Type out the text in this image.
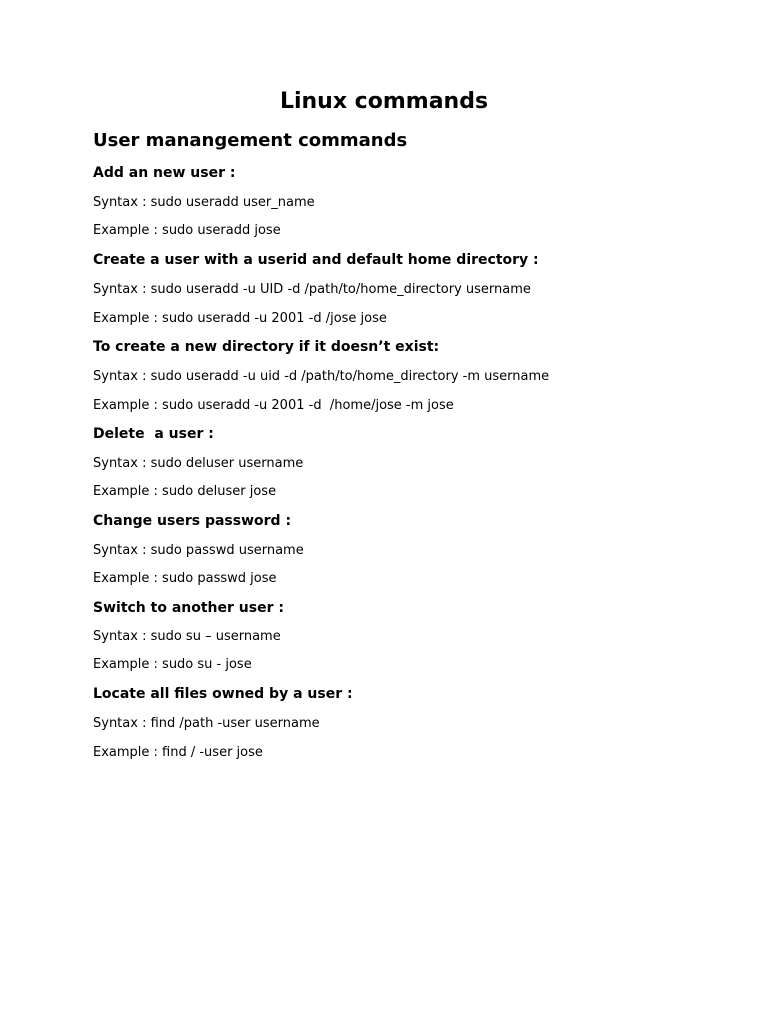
Linux commands
User manangement commands
Add an new user :
Syntax : sudo useradd user_name
Example : sudo useradd jose
Create a user with a userid and default home directory :
Syntax : sudo useradd -u UID -d /path/to/home_directory username
Example : sudo useradd -u 2001 -d /jose jose
To create a new directory if it doesn’t exist:
Syntax : sudo useradd -u uid -d /path/to/home_directory -m username
Example : sudo useradd -u 2001 -d  /home/jose -m jose
Delete  a user :
Syntax : sudo deluser username
Example : sudo deluser jose
Change users password :
Syntax : sudo passwd username
Example : sudo passwd jose
Switch to another user :
Syntax : sudo su – username
Example : sudo su - jose
Locate all files owned by a user :
Syntax : find /path -user username
Example : find / -user jose
